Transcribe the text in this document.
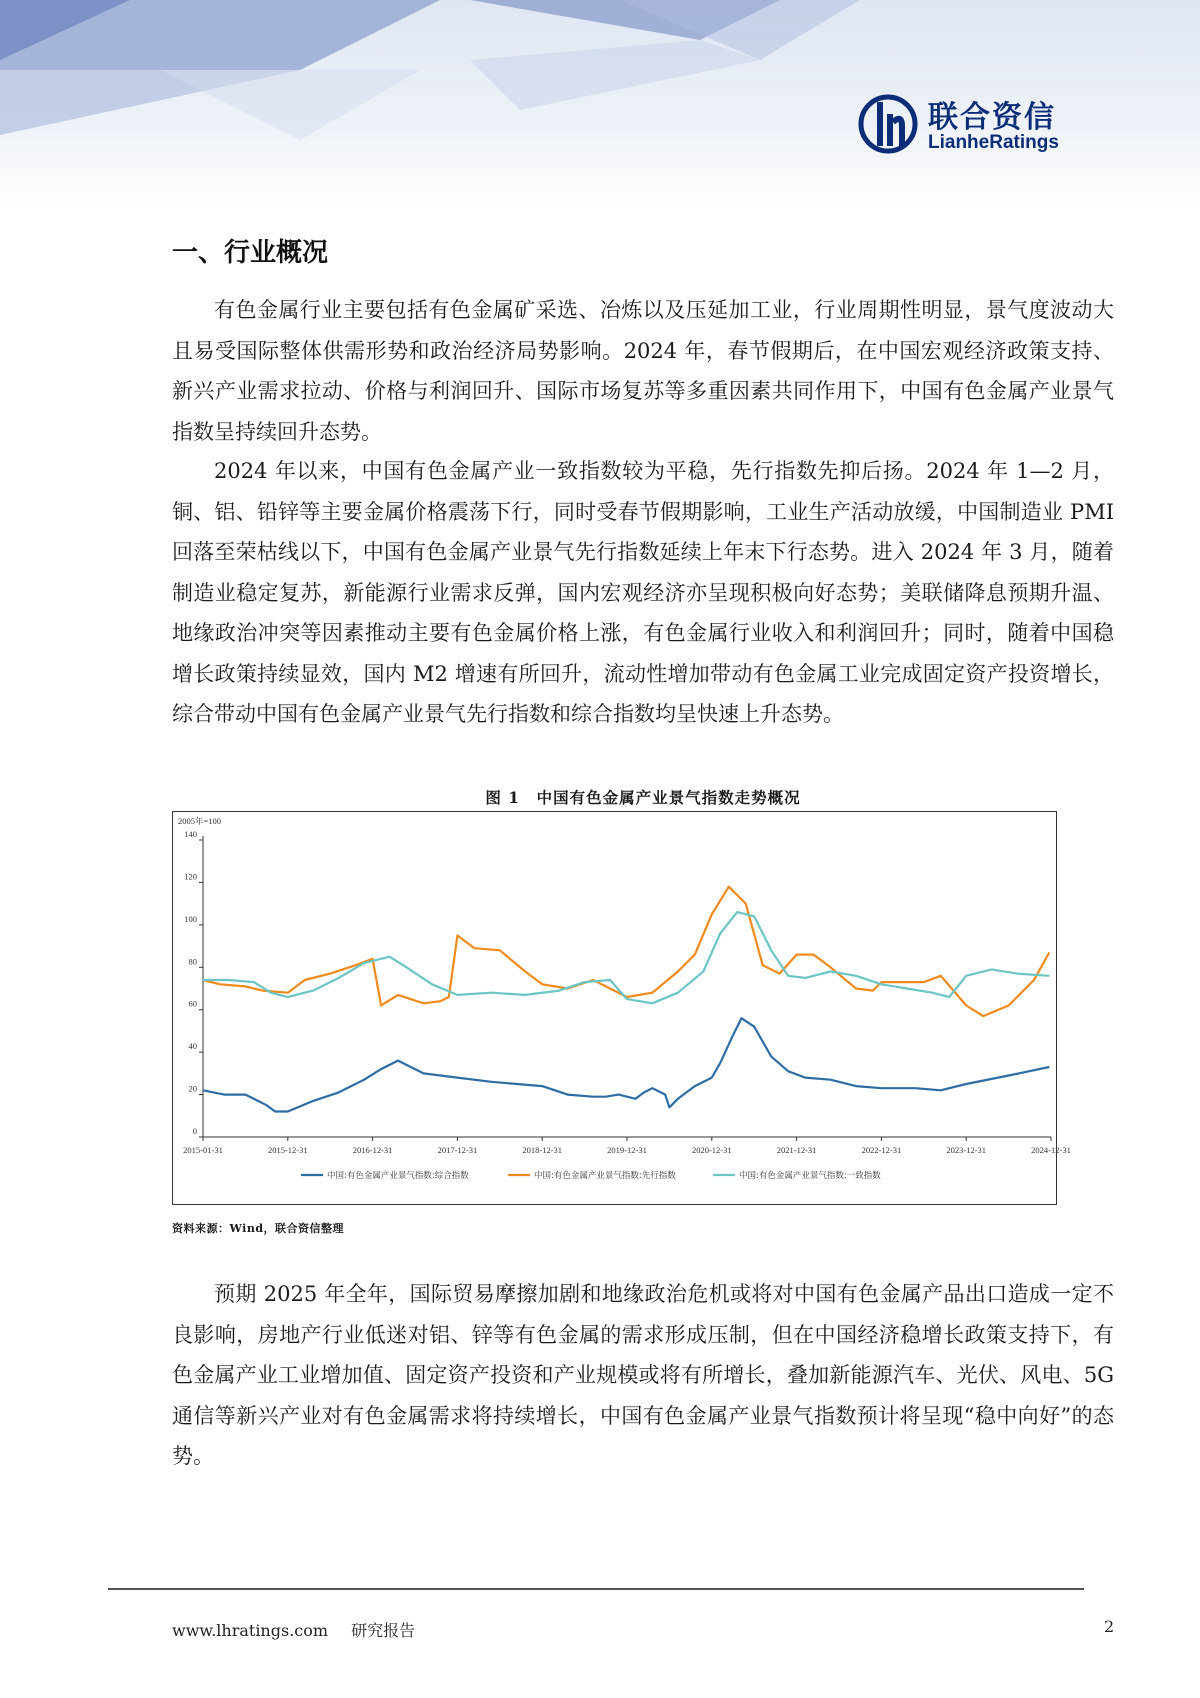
联合资信
LianheRatings
一、行业概况

有色金属行业主要包括有色金属矿采选、冶炼以及压延加工业，行业周期性明显，景气度波动大且易受国际整体供需形势和政治经济局势影响。2024 年，春节假期后，在中国宏观经济政策支持、新兴产业需求拉动、价格与利润回升、国际市场复苏等多重因素共同作用下，中国有色金属产业景气指数呈持续回升态势。

2024 年以来，中国有色金属产业一致指数较为平稳，先行指数先抑后扬。2024 年 1—2 月，铜、铝、铅锌等主要金属价格震荡下行，同时受春节假期影响，工业生产活动放缓，中国制造业 PMI 回落至荣枯线以下，中国有色金属产业景气先行指数延续上年末下行态势。进入 2024 年 3 月，随着制造业稳定复苏，新能源行业需求反弹，国内宏观经济亦呈现积极向好态势；美联储降息预期升温、地缘政治冲突等因素推动主要有色金属价格上涨，有色金属行业收入和利润回升；同时，随着中国稳增长政策持续显效，国内 M2 增速有所回升，流动性增加带动有色金属工业完成固定资产投资增长，综合带动中国有色金属产业景气先行指数和综合指数均呈快速上升态势。

图 1　中国有色金属产业景气指数走势概况
2005年=100
0
20
40
60
80
100
120
140
2015-01-31	2015-12-31	2016-12-31	2017-12-31	2018-12-31	2019-12-31	2020-12-31	2021-12-31	2022-12-31	2023-12-31	2024-12-31
中国:有色金属产业景气指数:综合指数	中国:有色金属产业景气指数:先行指数	中国:有色金属产业景气指数:一致指数
资料来源：Wind，联合资信整理

预期 2025 年全年，国际贸易摩擦加剧和地缘政治危机或将对中国有色金属产品出口造成一定不良影响，房地产行业低迷对铝、锌等有色金属的需求形成压制，但在中国经济稳增长政策支持下，有色金属产业工业增加值、固定资产投资和产业规模或将有所增长，叠加新能源汽车、光伏、风电、5G 通信等新兴产业对有色金属需求将持续增长，中国有色金属产业景气指数预计将呈现“稳中向好”的态势。

www.lhratings.com 研究报告	2
